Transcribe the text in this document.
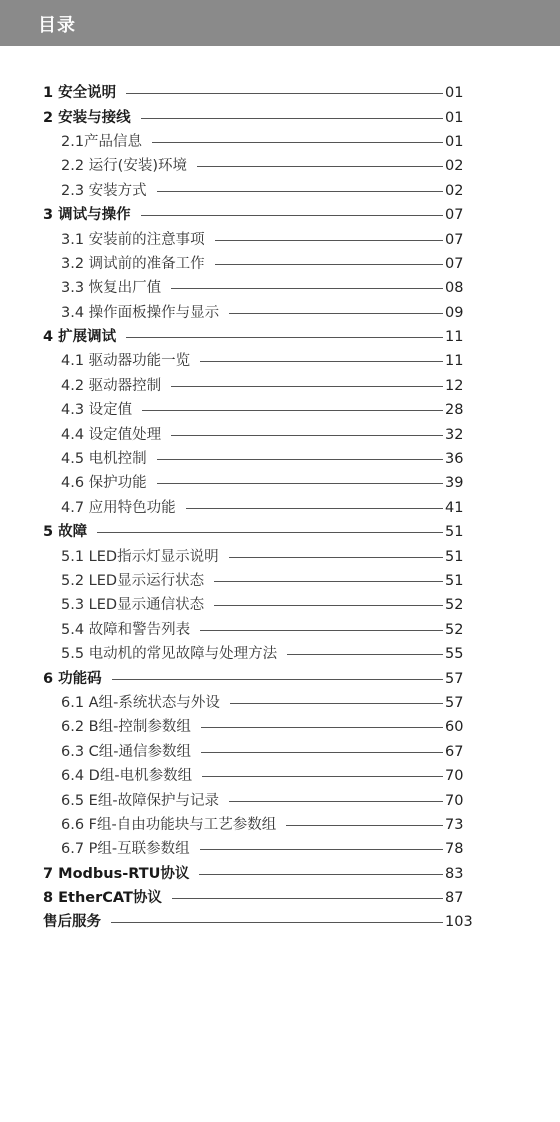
目录
1 安全说明	01
2 安装与接线	01
2.1产品信息	01
2.2 运行(安装)环境	02
2.3 安装方式	02
3 调试与操作	07
3.1 安装前的注意事项	07
3.2 调试前的准备工作	07
3.3 恢复出厂值	08
3.4 操作面板操作与显示	09
4 扩展调试	11
4.1 驱动器功能一览	11
4.2 驱动器控制	12
4.3 设定值	28
4.4 设定值处理	32
4.5 电机控制	36
4.6 保护功能	39
4.7 应用特色功能	41
5 故障	51
5.1 LED指示灯显示说明	51
5.2 LED显示运行状态	51
5.3 LED显示通信状态	52
5.4 故障和警告列表	52
5.5 电动机的常见故障与处理方法	55
6 功能码	57
6.1 A组-系统状态与外设	57
6.2 B组-控制参数组	60
6.3 C组-通信参数组	67
6.4 D组-电机参数组	70
6.5 E组-故障保护与记录	70
6.6 F组-自由功能块与工艺参数组	73
6.7 P组-互联参数组	78
7 Modbus-RTU协议	83
8 EtherCAT协议	87
售后服务	103
